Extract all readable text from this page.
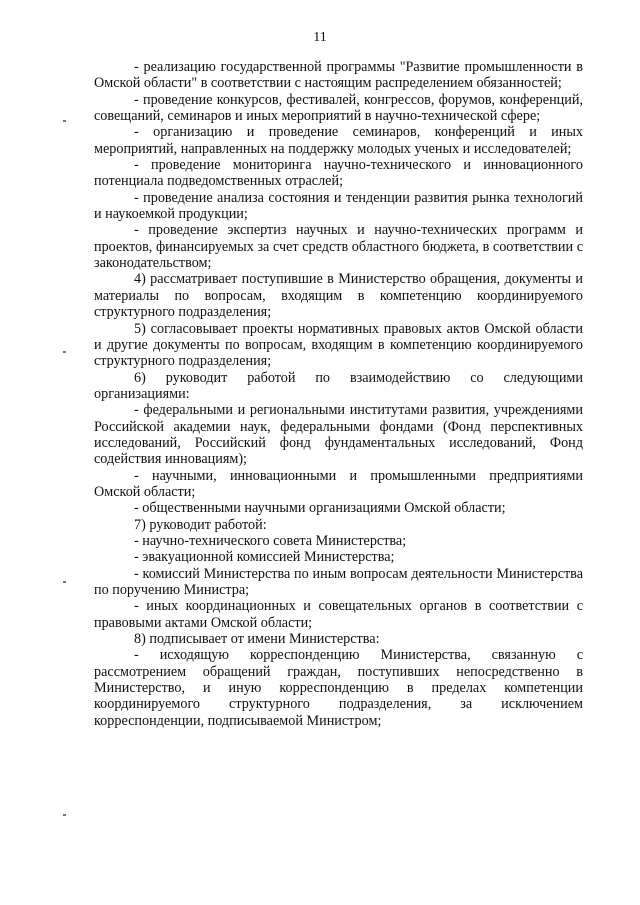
11

- реализацию государственной программы "Развитие промышленности в Омской области" в соответствии с настоящим распределением обязанностей;

- проведение конкурсов, фестивалей, конгрессов, форумов, конференций, совещаний, семинаров и иных мероприятий в научно-технической сфере;

- организацию и проведение семинаров, конференций и иных мероприятий, направленных на поддержку молодых ученых и исследователей;

- проведение мониторинга научно-технического и инновационного потенциала подведомственных отраслей;

- проведение анализа состояния и тенденции развития рынка технологий и наукоемкой продукции;

- проведение экспертиз научных и научно-технических программ и проектов, финансируемых за счет средств областного бюджета, в соответствии с законодательством;

4) рассматривает поступившие в Министерство обращения, документы и материалы по вопросам, входящим в компетенцию координируемого структурного подразделения;

5) согласовывает проекты нормативных правовых актов Омской области и другие документы по вопросам, входящим в компетенцию координируемого структурного подразделения;

6) руководит работой по взаимодействию со следующими организациями:

- федеральными и региональными институтами развития, учреждениями Российской академии наук, федеральными фондами (Фонд перспективных исследований, Российский фонд фундаментальных исследований, Фонд содействия инновациям);

- научными, инновационными и промышленными предприятиями Омской области;

- общественными научными организациями Омской области;

7) руководит работой:

- научно-технического совета Министерства;

- эвакуационной комиссией Министерства;

- комиссий Министерства по иным вопросам деятельности Министерства по поручению Министра;

- иных координационных и совещательных органов в соответствии с правовыми актами Омской области;

8) подписывает от имени Министерства:

- исходящую корреспонденцию Министерства, связанную с рассмотрением обращений граждан, поступивших непосредственно в Министерство, и иную корреспонденцию в пределах компетенции координируемого структурного подразделения, за исключением корреспонденции, подписываемой Министром;
